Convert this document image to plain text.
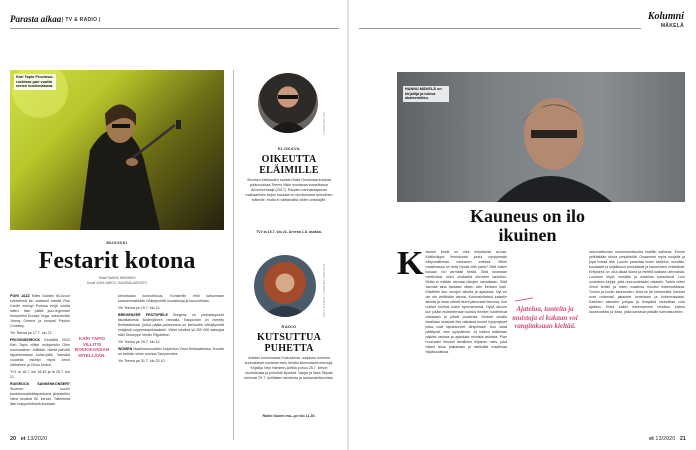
Parasta aikaa | TV & RADIO |
Kari Tapio Provinssirockissa pari vuotta ennen kuolemaansa.
MUSIIKKI
Festarit kotona
Teksti HANNU NIEMINEN
Kuvat JUHA VAROJ / SANOMA-ARKISTO

PORI JAZZ Miles Davisin 60-luvun kvintetissä kin soittanut basisti Ron Carter esiintyi Porissa neljä vuotta sitten. Illan päätti jazz-legendan trumpetisti Donald Vega, saksofonisti Jimmy Greene ja rumpali Payton Crossley.

Yle Teema pe 17.7. klo 21.

PROVINSSIROCK Keväällä 2010 Kari Tapio villitsi rockyleisön Olen suomalainen -hitillään. Häntä pahoitti tapahtumassa kulta-rytilä. Samalla vuodella esiintyi myös Jenni Vartiainen ja Chisu kerkut.

TV1 la 18.7. klo 18.45 ja la 25.7. klo 21.

RUISROCK SANKENKONSERT Suomen suurin kansanmusiikkitapahtuma järjestettiin viime kesänä 50. kerran. Tallenteita illan huippuhetkistä kuullaan.

KARI TAPIO VILLITSI ROKKIKANSAN HITELLÄÄN.

kehuttuaan kunnollisuus. Konsertiin ehtii katsomaan kansanmusiikkiin vihkiytyneitä muusikkoja ja kuunnellaan.

Yle Teema pe 19.7. klo 12.

BREGENZER FESTSPIELE Bregenz on pikkukaupunki itävaltaisesta Bodenjärven rannalla. Kaupunkin on nimetty festivaaliensa, jonka pääta-pahtumana on kerhovilla vihkiytyneitä esityksiä oopperaspektaakkeli. Viime kesänä yli 200 000 katsojaa näki Giuseppe Verdin Rigoletton.

Yle Teema pe 26.7. klo 12.

WOMEN Maailmanmusiikki huipentuu Viron festivaaleissa. Kooste on taltioitu viime vuonna Tampereella.

Yle Teema pe 31.7. klo 23.10.

YLE/ALIEN IEU
ELOKUVA
OIKEUTTA ELÄIMILLE
Sinuisen kivikauden sankari Matti Onnismaa koiskaa päärooolissa Teemu Nikin mustassa komediassa Armomurhaaja (2017). Rauden-vanhakaajaman maikaaninko keijun kauklaa on oivoitumana armollinen eläimille, mutta ei välttämättä niiden omistajille.
TV2 la 15.7. klo 21. Areena 1.8. asakka.
HEIJI KAKKO / SANOMA-ARKISTO
RADIO
KUTSUTTUA PUHETTA
Arkisen kuulumassa Kutsuvieras -sarjassa tunnetut suomalaiset nostavat esiin heidän kiinnostavia teemoja. Kirjailija Virpi Hämeen-Anttila puhuu 25.7. kehon muutoksista ja puheiste kipeäsä. Vappu ja Ilkka Taipale kertovat 29.7. työläisten tahdeista ja rauhanaktivismista.
Radio Suomi ma—pe klo 11.30.
20 et 13/2020
Kolumni
MÄKELÄ
HANNU MÄKELÄ on kirjailija ja tuleva akateemikko.
Kauneus on ilo ikuinen
K olumni kevät on ollut erityiskesti ar-kaa. Kaikkivilppa ihmiskunta joutui nyrytymaän tuikynvaltimian virukseen edessä. Mihei maailmassa on tietä hyvää että paha? Siitä tuskin kukaan voi varmasti tietää. Siitä huomaan miettivänä, onko virukselta siivuvien tarkoitus. Mutta ei mitään varmaa viikojen varoaikaan. Siitä varmaa aina karsaan viiden olen ihmisen tilan. Käsittelin kun runojen aiheita ja ajatuksia. Nyt en ole ole vieläkään varma. Koronakriisissä katselin aiheita ja osaa nähdä itseni jatkuvasti tekonsa, kun uutiset tulvivat kotiin kymmenessä. Hyvä alkuun kun pääsi muistelemaan kuinka ihmiset huolehtivat toisistaan ja pitivät puolensa. Ihmiset omalla tavallaan osasivat itse ratkaista monet kysymykset jotka ovat tapahtuneet lähipiirissä. Kun asiat päättyvät, olen tyytyväinen. Ja kaiken kaikkiaan palkitsi rauhaa ja ajatuksia monista asioista. Pian huomasin olevani tavallinen hiljainen mies, joka halusi istua paikallaan ja tarkkailla maailmaa hiljaisuudessa.
Ajatelua, tunteita ja muistoja ei kukaan voi vangitaksaan kieltää.
uskomattoman monimuotoisuutta ihailtiin kaikissa. Emme pelkästään tuhoa ympäristöä. Osaamme myös suojella ja jopa hoitaa sitä. Luonto parantaa kuten taideluo: musiikki, kuvataide ja kirjallisuus lohduttavat ja kauneuden virkistävät. Erityisesti on ollut aikaa lukea ja miettiä kaikkea olennaista. Luonnon kirjat, musiikki ja maailma parantavat. Luin uudelleen kirjoja, joita nuoruudessani rakastin. Tutkin miten minut tehtiin ja miten maailma muuttui kokemuksissa. Tunsin ja kuulin kauneuden. Aina se jäi kertomatta. Ihmiset ovat rohkeasti jakaneet tunteitaan ja kokemuksiaan. Kaikkien asioiden pohjaa ja ilmapiiriä rauhoittaa uusi ajattelu. Ehkä kaikki kokemamme muuttuu joskus kauneudeksi ja iloksi, jotka kantavat pitkälle tulevaisuuteen.
et 13/2020 21
